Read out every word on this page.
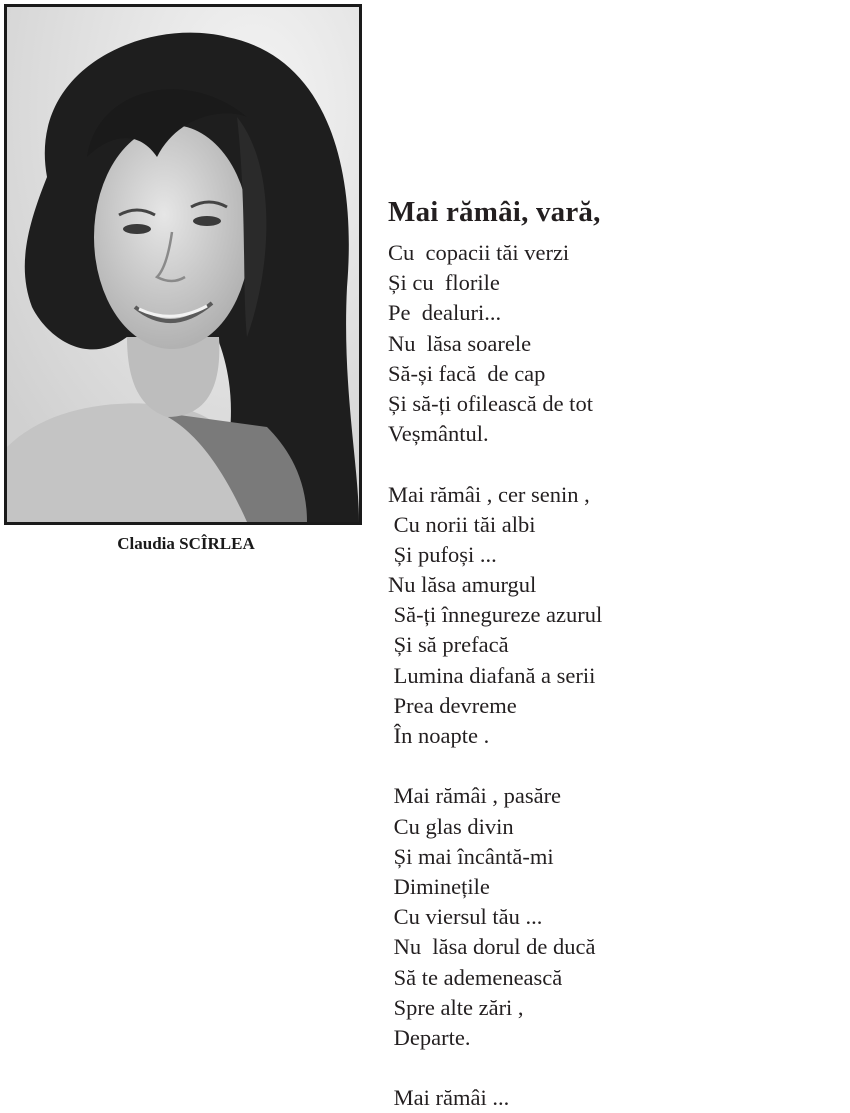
Claudia SCÎRLEA
Mai rămâi, vară,
Cu  copacii tăi verzi
Și cu  florile
Pe  dealuri...
Nu  lăsa soarele
Să-și facă  de cap
Și să-ți ofilească de tot
Veșmântul.
Mai rămâi , cer senin ,
Cu norii tăi albi
Și pufoși ...
Nu lăsa amurgul
Să-ți înnegureze azurul
Și să prefacă
Lumina diafană a serii
Prea devreme
În noapte .
Mai rămâi , pasăre
Cu glas divin
Și mai încântă-mi
Diminețile
Cu viersul tău ...
Nu  lăsa dorul de ducă
Să te ademenească
Spre alte zări ,
Departe.
Mai rămâi ...
